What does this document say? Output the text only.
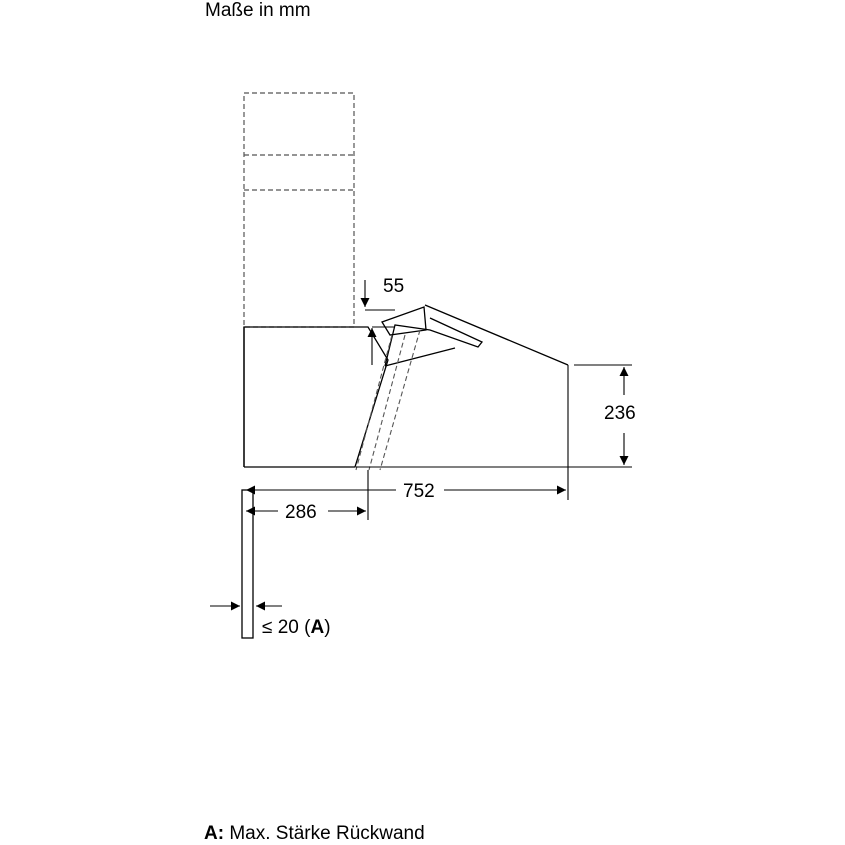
Maße in mm
55
236
752
286
≤ 20 (A)
A: Max. Stärke Rückwand
